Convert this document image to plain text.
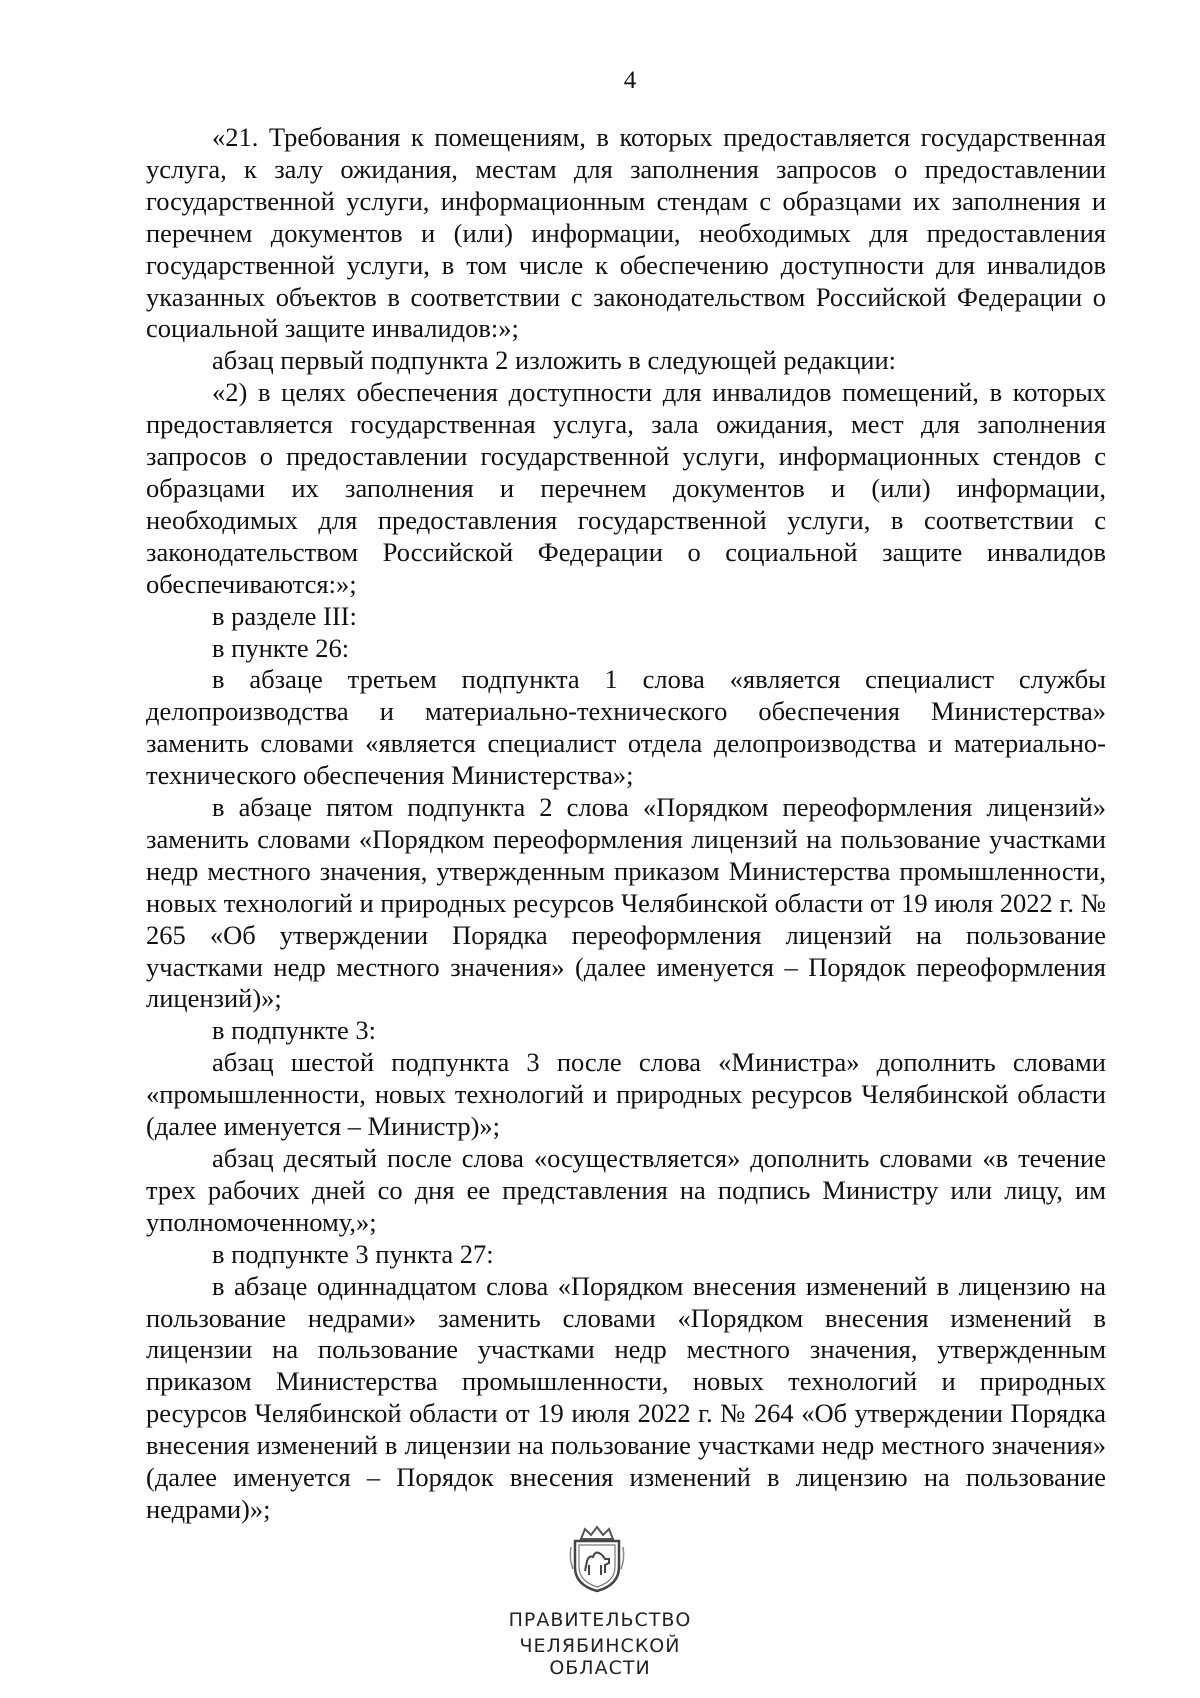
4

«21. Требования к помещениям, в которых предоставляется государственная услуга, к залу ожидания, местам для заполнения запросов о предоставлении государственной услуги, информационным стендам с образцами их заполнения и перечнем документов и (или) информации, необходимых для предоставления государственной услуги, в том числе к обеспечению доступности для инвалидов указанных объектов в соответствии с законодательством Российской Федерации о социальной защите инвалидов:»;

абзац первый подпункта 2 изложить в следующей редакции:

«2) в целях обеспечения доступности для инвалидов помещений, в которых предоставляется государственная услуга, зала ожидания, мест для заполнения запросов о предоставлении государственной услуги, информационных стендов с образцами их заполнения и перечнем документов и (или) информации, необходимых для предоставления государственной услуги, в соответствии с законодательством Российской Федерации о социальной защите инвалидов обеспечиваются:»;

в разделе III:

в пункте 26:

в абзаце третьем подпункта 1 слова «является специалист службы делопроизводства и материально-технического обеспечения Министерства» заменить словами «является специалист отдела делопроизводства и материально-технического обеспечения Министерства»;

в абзаце пятом подпункта 2 слова «Порядком переоформления лицензий» заменить словами «Порядком переоформления лицензий на пользование участками недр местного значения, утвержденным приказом Министерства промышленности, новых технологий и природных ресурсов Челябинской области от 19 июля 2022 г. № 265 «Об утверждении Порядка переоформления лицензий на пользование участками недр местного значения» (далее именуется – Порядок переоформления лицензий)»;

в подпункте 3:

абзац шестой подпункта 3 после слова «Министра» дополнить словами «промышленности, новых технологий и природных ресурсов Челябинской области (далее именуется – Министр)»;

абзац десятый после слова «осуществляется» дополнить словами «в течение трех рабочих дней со дня ее представления на подпись Министру или лицу, им уполномоченному,»;

в подпункте 3 пункта 27:

в абзаце одиннадцатом слова «Порядком внесения изменений в лицензию на пользование недрами» заменить словами «Порядком внесения изменений в лицензии на пользование участками недр местного значения, утвержденным приказом Министерства промышленности, новых технологий и природных ресурсов Челябинской области от 19 июля 2022 г. № 264 «Об утверждении Порядка внесения изменений в лицензии на пользование участками недр местного значения» (далее именуется – Порядок внесения изменений в лицензию на пользование недрами)»;

ПРАВИТЕЛЬСТВО
ЧЕЛЯБИНСКОЙ ОБЛАСТИ
